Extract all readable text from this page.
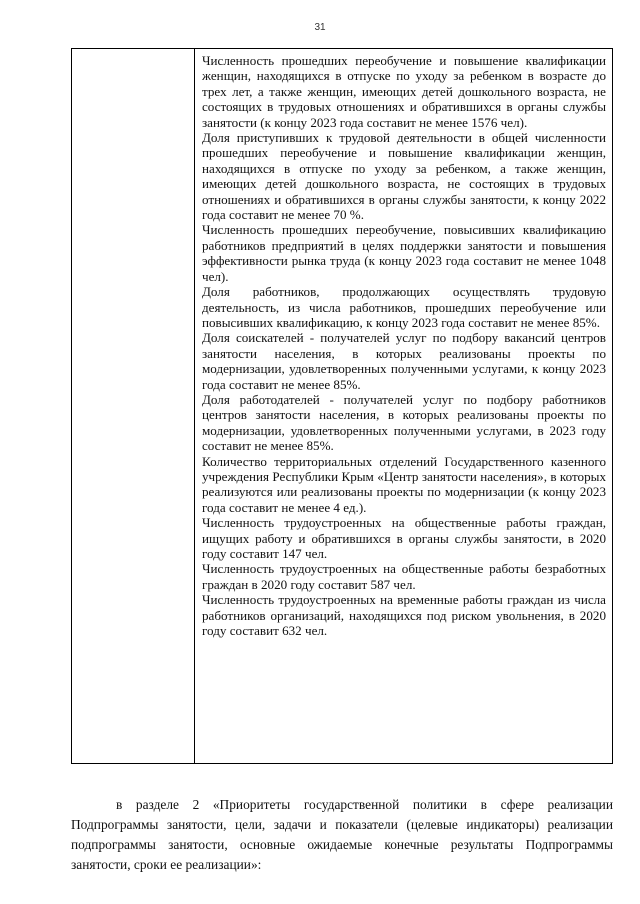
31

Численность прошедших переобучение и повышение квалификации женщин, находящихся в отпуске по уходу за ребенком в возрасте до трех лет, а также женщин, имеющих детей дошкольного возраста, не состоящих в трудовых отношениях и обратившихся в органы службы занятости (к концу 2023 года составит не менее 1576 чел).

Доля приступивших к трудовой деятельности в общей численности прошедших переобучение и повышение квалификации женщин, находящихся в отпуске по уходу за ребенком, а также женщин, имеющих детей дошкольного возраста, не состоящих в трудовых отношениях и обратившихся в органы службы занятости, к концу 2022 года составит не менее 70 %.

Численность прошедших переобучение, повысивших квалификацию работников предприятий в целях поддержки занятости и повышения эффективности рынка труда (к концу 2023 года составит не менее 1048 чел).

Доля работников, продолжающих осуществлять трудовую деятельность, из числа работников, прошедших переобучение или повысивших квалификацию, к концу 2023 года составит не менее 85%.

Доля соискателей - получателей услуг по подбору вакансий центров занятости населения, в которых реализованы проекты по модернизации, удовлетворенных полученными услугами, к концу 2023 года составит не менее 85%.

Доля работодателей - получателей услуг по подбору работников центров занятости населения, в которых реализованы проекты по модернизации, удовлетворенных полученными услугами, в 2023 году составит не менее 85%.

Количество территориальных отделений Государственного казенного учреждения Республики Крым «Центр занятости населения», в которых реализуются или реализованы проекты по модернизации (к концу 2023 года составит не менее 4 ед.).

Численность трудоустроенных на общественные работы граждан, ищущих работу и обратившихся в органы службы занятости, в 2020 году составит 147 чел.

Численность трудоустроенных на общественные работы безработных граждан в 2020 году составит 587 чел.

Численность трудоустроенных на временные работы граждан из числа работников организаций, находящихся под риском увольнения, в 2020 году составит 632 чел.

в разделе 2 «Приоритеты государственной политики в сфере реализации Подпрограммы занятости, цели, задачи и показатели (целевые индикаторы) реализации подпрограммы занятости, основные ожидаемые конечные результаты Подпрограммы занятости, сроки ее реализации»:
